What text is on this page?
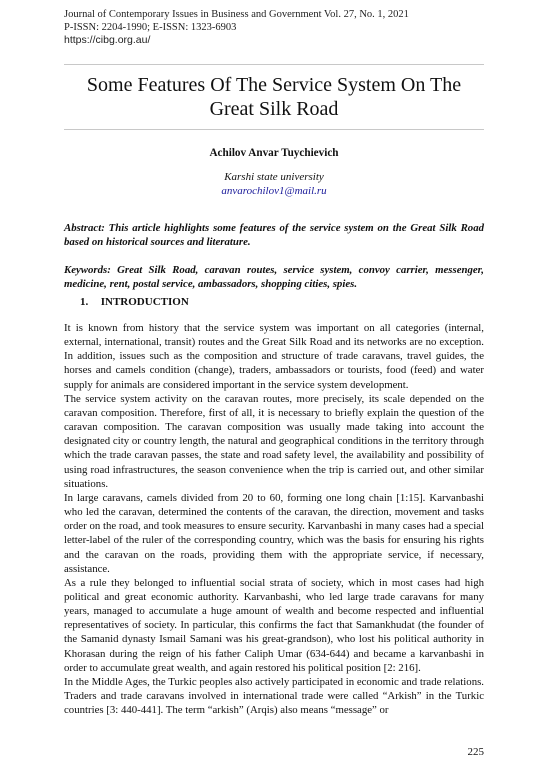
Journal of Contemporary Issues in Business and Government Vol. 27, No. 1, 2021
P-ISSN: 2204-1990; E-ISSN: 1323-6903
https://cibg.org.au/
Some Features Of The Service System On The Great Silk Road
Achilov Anvar Tuychievich
Karshi state university
anvarochilov1@mail.ru
Abstract: This article highlights some features of the service system on the Great Silk Road based on historical sources and literature.
Keywords: Great Silk Road, caravan routes, service system, convoy carrier, messenger, medicine, rent, postal service, ambassadors, shopping cities, spies.
1. INTRODUCTION

It is known from history that the service system was important on all categories (internal, external, international, transit) routes and the Great Silk Road and its networks are no exception. In addition, issues such as the composition and structure of trade caravans, travel guides, the horses and camels condition (change), traders, ambassadors or tourists, food (feed) and water supply for animals are considered important in the service system development.

The service system activity on the caravan routes, more precisely, its scale depended on the caravan composition. Therefore, first of all, it is necessary to briefly explain the question of the caravan composition. The caravan composition was usually made taking into account the designated city or country length, the natural and geographical conditions in the territory through which the trade caravan passes, the state and road safety level, the availability and possibility of using road infrastructures, the season convenience when the trip is carried out, and other similar situations.

In large caravans, camels divided from 20 to 60, forming one long chain [1:15]. Karvanbashi who led the caravan, determined the contents of the caravan, the direction, movement and tasks order on the road, and took measures to ensure security. Karvanbashi in many cases had a special letter-label of the ruler of the corresponding country, which was the basis for ensuring his rights and the caravan on the roads, providing them with the appropriate service, if necessary, assistance.

As a rule they belonged to influential social strata of society, which in most cases had high political and great economic authority. Karvanbashi, who led large trade caravans for many years, managed to accumulate a huge amount of wealth and become respected and influential representatives of society. In particular, this confirms the fact that Samankhudat (the founder of the Samanid dynasty Ismail Samani was his great-grandson), who lost his political authority in Khorasan during the reign of his father Caliph Umar (634-644) and became a karvanbashi in order to accumulate great wealth, and again restored his political position [2: 216].

In the Middle Ages, the Turkic peoples also actively participated in economic and trade relations. Traders and trade caravans involved in international trade were called “Arkish” in the Turkic countries [3: 440-441]. The term “arkish” (Arqis) also means “message” or

225
